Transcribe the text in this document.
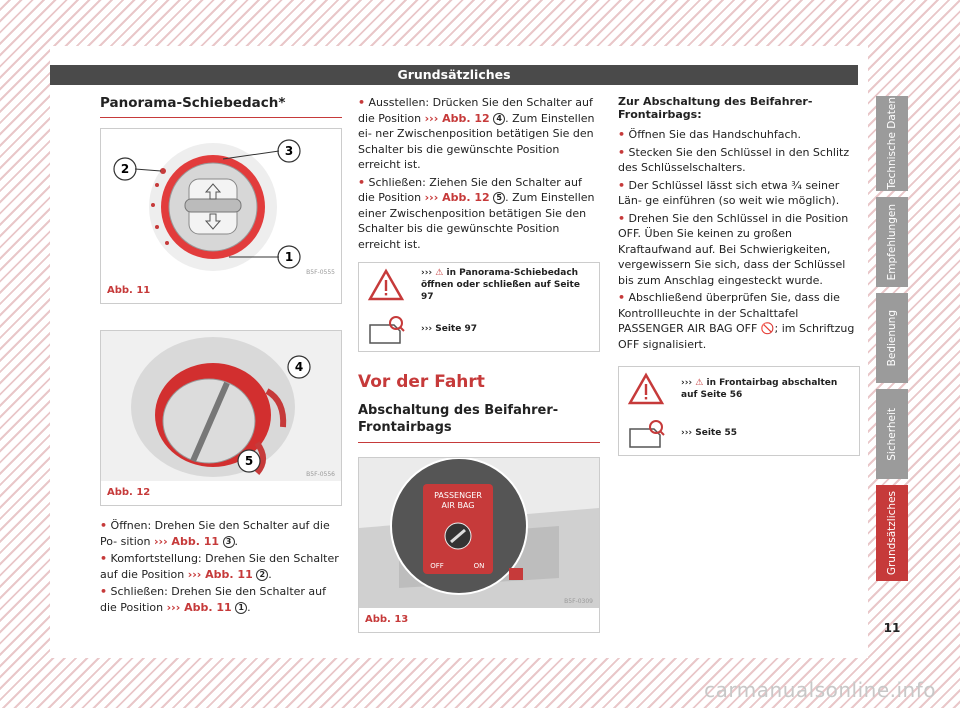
Grundsätzliches
Panorama-Schiebedach*
2
3
1
B5F-0555
Abb. 11
4
5
B5F-0556
Abb. 12

• Öffnen: Drehen Sie den Schalter auf die Po- sition ››› Abb. 11 3 .

• Komfortstellung: Drehen Sie den Schalter auf die Position ››› Abb. 11 2 .

• Schließen: Drehen Sie den Schalter auf die Position ››› Abb. 11 1 .

• Ausstellen: Drücken Sie den Schalter auf die Position ››› Abb. 12 4 . Zum Einstellen ei- ner Zwischenposition betätigen Sie den Schalter bis die gewünschte Position erreicht ist.

• Schließen: Ziehen Sie den Schalter auf die Position ››› Abb. 12 5 . Zum Einstellen einer Zwischenposition betätigen Sie den Schalter bis die gewünschte Position erreicht ist.

››› ⚠ in Panorama-Schiebedach öffnen oder schließen auf Seite 97
››› Seite 97
Vor der Fahrt
Abschaltung des Beifahrer-Frontairbags
PASSENGER
AIR BAG
OFF	ON
B5F-0309
Abb. 13
Zur Abschaltung des Beifahrer-Frontairbags:

• Öffnen Sie das Handschuhfach.

• Stecken Sie den Schlüssel in den Schlitz des Schlüsselschalters.

• Der Schlüssel lässt sich etwa ¾ seiner Län- ge einführen (so weit wie möglich).

• Drehen Sie den Schlüssel in die Position OFF. Üben Sie keinen zu großen Kraftaufwand auf. Bei Schwierigkeiten, vergewissern Sie sich, dass der Schlüssel bis zum Anschlag eingesteckt wurde.

• Abschließend überprüfen Sie, dass die Kontrollleuchte in der Schalttafel PASSENGER AIR BAG OFF 🚫; im Schriftzug OFF signalisiert.

››› ⚠ in Frontairbag abschalten auf Seite 56
››› Seite 55
Technische Daten
Empfehlungen
Bedienung
Sicherheit
Grundsätzliches
11
carmanualsonline.info
